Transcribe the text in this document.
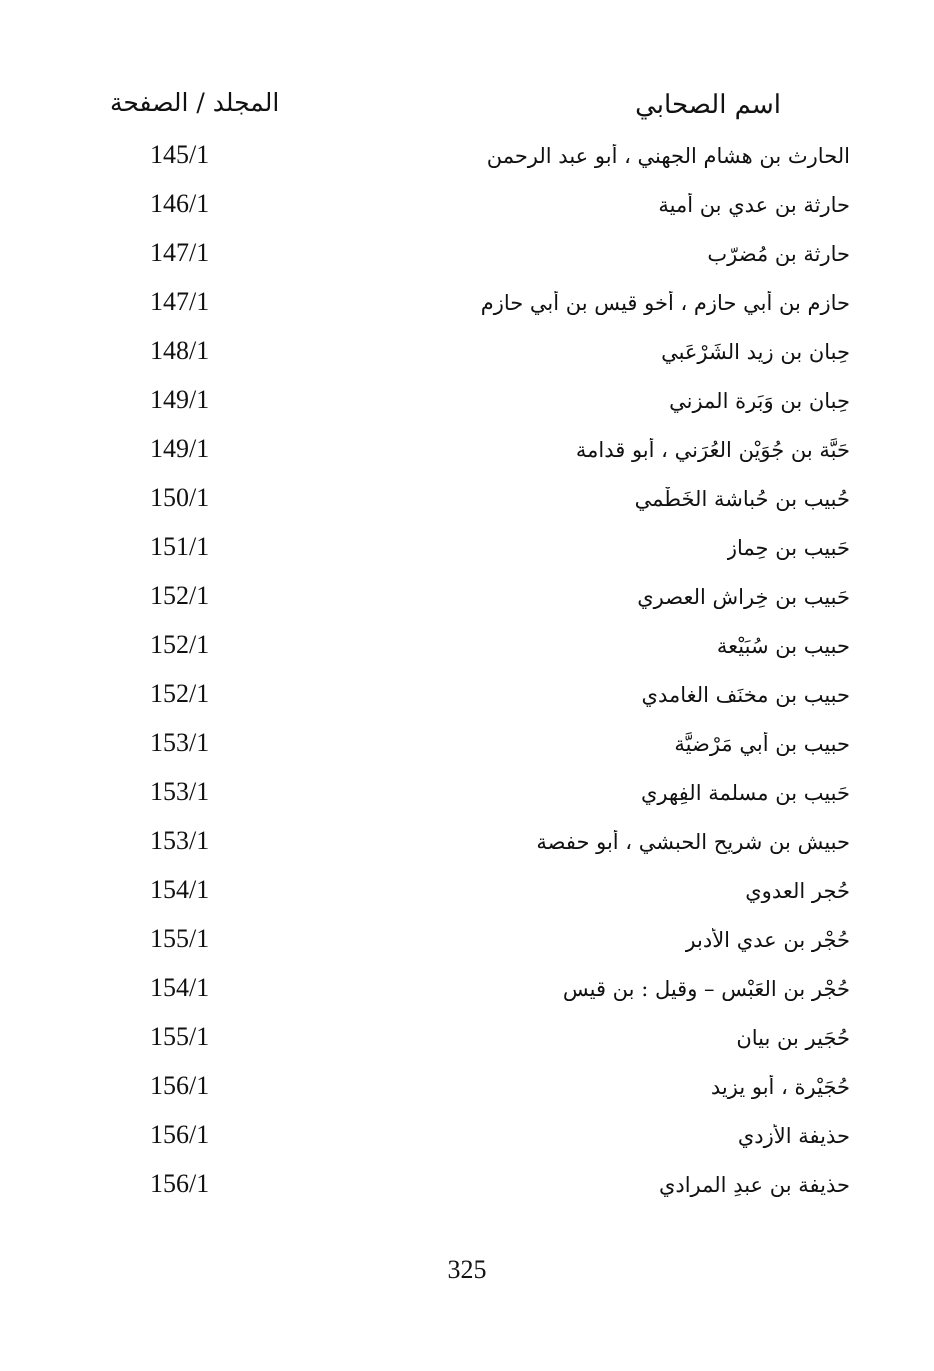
اسم الصحابي
المجلد / الصفحة
الحارث بن هشام الجهني ، أبو عبد الرحمن
145/1
حارثة بن عدي بن أمية
146/1
حارثة بن مُضرّب
147/1
حازم بن أبي حازم ، أخو قيس بن أبي حازم
147/1
حِبان بن زيد الشَرْعَبي
148/1
حِبان بن وَبَرة المزني
149/1
حَبَّة بن جُوَيْن العُرَني ، أبو قدامة
149/1
حُبيب بن حُباشة الخَطْمي
150/1
حَبيب بن حِماز
151/1
حَبيب بن خِراش العصري
152/1
حبيب بن سُبَيْعة
152/1
حبيب بن مخنَف الغامدي
152/1
حبيب بن أبي مَرْضيَّة
153/1
حَبيب بن مسلمة الفِهري
153/1
حبيش بن شريح الحبشي ، أبو حفصة
153/1
حُجر العدوي
154/1
حُجْر بن عدي الأدبر
155/1
حُجْر بن العَبْس – وقيل : بن قيس
154/1
حُجَير بن بيان
155/1
حُجَيْرة ، أبو يزيد
156/1
حذيفة الأزدي
156/1
حذيفة بن عبدِ المرادي
156/1
325
